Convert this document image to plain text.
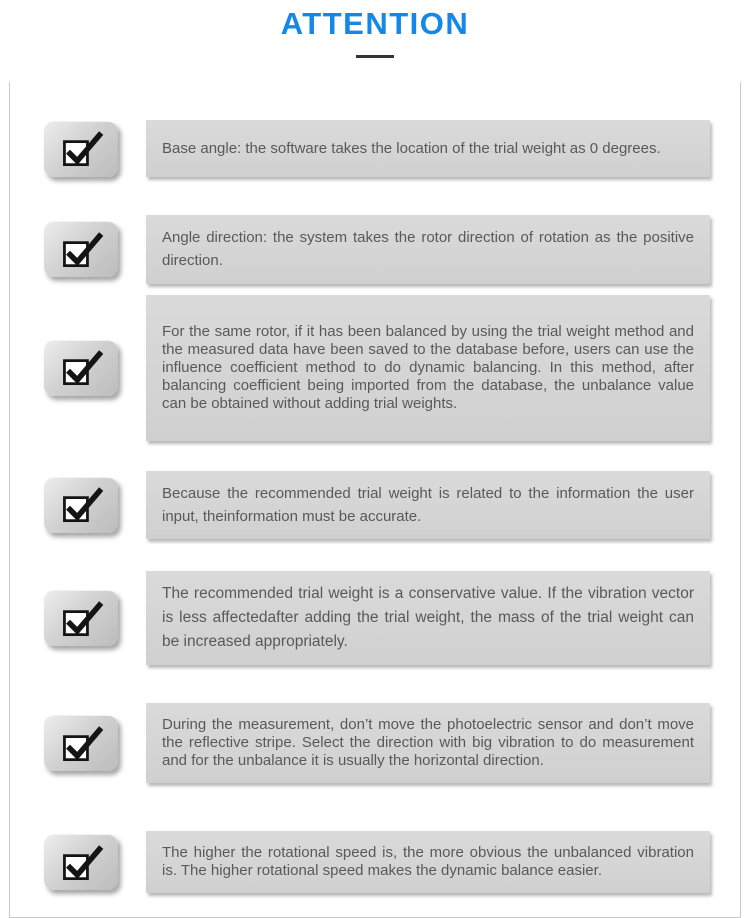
ATTENTION

Base angle: the software takes the location of the trial weight as 0 degrees.

Angle direction: the system takes the rotor direction of rotation as the positive direction.

For the same rotor, if it has been balanced by using the trial weight method and the measured data have been saved to the database before, users can use the influence coefficient method to do dynamic balancing. In this method, after balancing coefficient being imported from the database, the unbalance value can be obtained without adding trial weights.

Because the recommended trial weight is related to the information the user input, theinformation must be accurate.

The recommended trial weight is a conservative value. If the vibration vector is less affectedafter adding the trial weight, the mass of the trial weight can be increased appropriately.

During the measurement, don’t move the photoelectric sensor and don’t move the reflective stripe. Select the direction with big vibration to do measurement and for the unbalance it is usually the horizontal direction.

The higher the rotational speed is, the more obvious the unbalanced vibration is. The higher rotational speed makes the dynamic balance easier.
